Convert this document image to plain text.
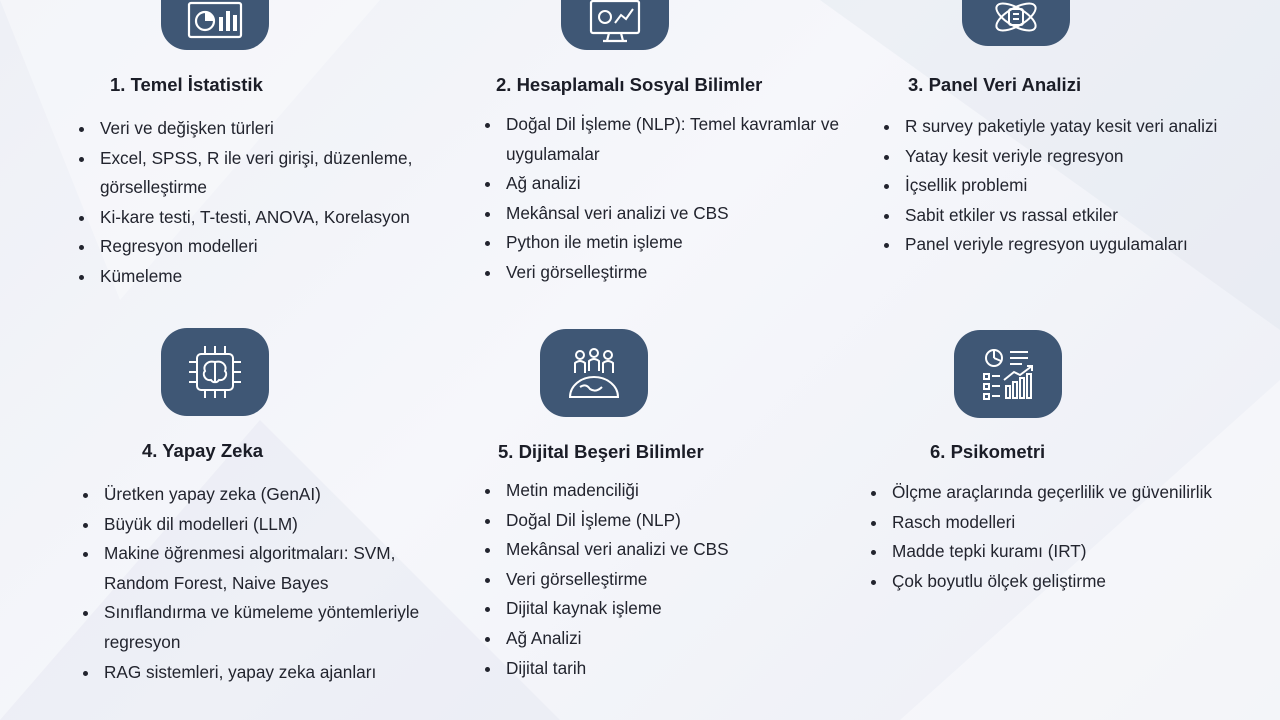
1. Temel İstatistik
Veri ve değişken türleri
Excel, SPSS, R ile veri girişi, düzenleme, görselleştirme
Ki-kare testi, T-testi, ANOVA, Korelasyon
Regresyon modelleri
Kümeleme
2. Hesaplamalı Sosyal Bilimler
Doğal Dil İşleme (NLP): Temel kavramlar ve uygulamalar
Ağ analizi
Mekânsal veri analizi ve CBS
Python ile metin işleme
Veri görselleştirme
3. Panel Veri Analizi
R survey paketiyle yatay kesit veri analizi
Yatay kesit veriyle regresyon
İçsellik problemi
Sabit etkiler vs rassal etkiler
Panel veriyle regresyon uygulamaları
4. Yapay Zeka
Üretken yapay zeka (GenAI)
Büyük dil modelleri (LLM)
Makine öğrenmesi algoritmaları: SVM, Random Forest, Naive Bayes
Sınıflandırma ve kümeleme yöntemleriyle regresyon
RAG sistemleri, yapay zeka ajanları
5. Dijital Beşeri Bilimler
Metin madenciliği
Doğal Dil İşleme (NLP)
Mekânsal veri analizi ve CBS
Veri görselleştirme
Dijital kaynak işleme
Ağ Analizi
Dijital tarih
6. Psikometri
Ölçme araçlarında geçerlilik ve güvenilirlik
Rasch modelleri
Madde tepki kuramı (IRT)
Çok boyutlu ölçek geliştirme
